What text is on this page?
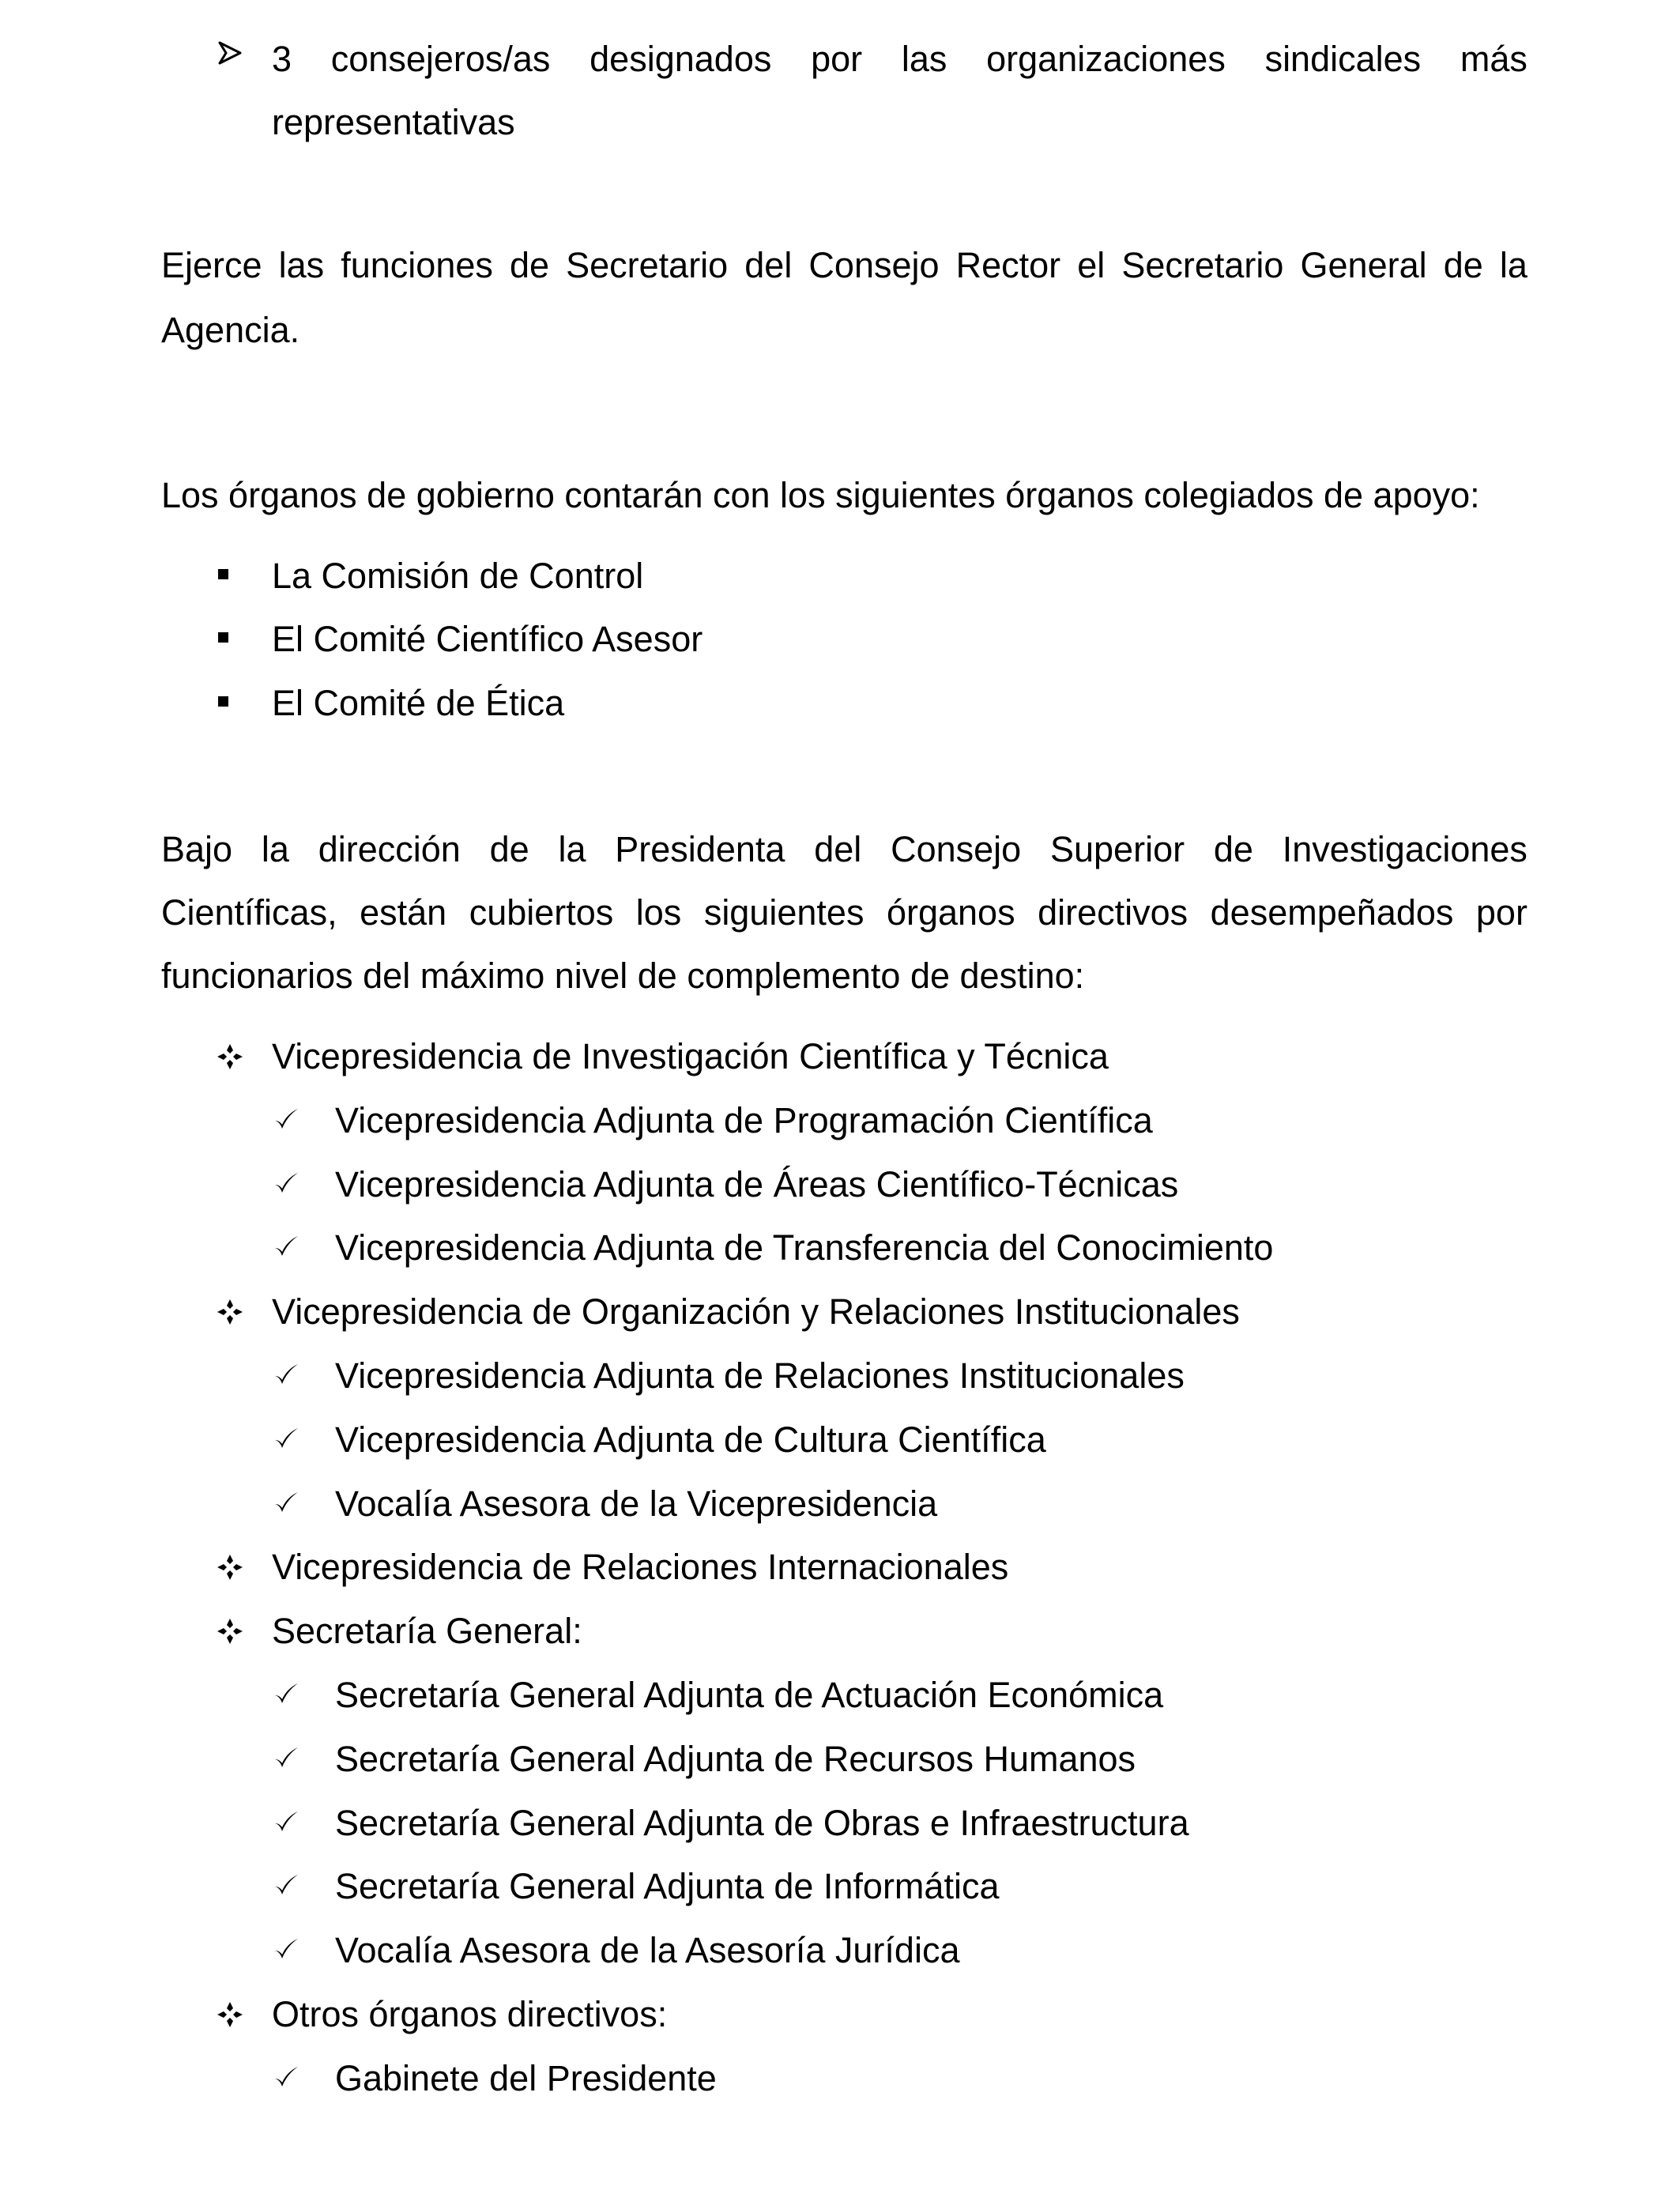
3 consejeros/as designados por las organizaciones sindicales más
representativas
Ejerce las funciones de Secretario del Consejo Rector el Secretario General de la
Agencia.
Los órganos de gobierno contarán con los siguientes órganos colegiados de apoyo:
La Comisión de Control
El Comité Científico Asesor
El Comité de Ética
Bajo la dirección de la Presidenta del Consejo Superior de Investigaciones
Científicas, están cubiertos los siguientes órganos directivos desempeñados por
funcionarios del máximo nivel de complemento de destino:
Vicepresidencia de Investigación Científica y Técnica
Vicepresidencia Adjunta de Programación Científica
Vicepresidencia Adjunta de Áreas Científico-Técnicas
Vicepresidencia Adjunta de Transferencia del Conocimiento
Vicepresidencia de Organización y Relaciones Institucionales
Vicepresidencia Adjunta de Relaciones Institucionales
Vicepresidencia Adjunta de Cultura Científica
Vocalía Asesora de la Vicepresidencia
Vicepresidencia de Relaciones Internacionales
Secretaría General:
Secretaría General Adjunta de Actuación Económica
Secretaría General Adjunta de Recursos Humanos
Secretaría General Adjunta de Obras e Infraestructura
Secretaría General Adjunta de Informática
Vocalía Asesora de la Asesoría Jurídica
Otros órganos directivos:
Gabinete del Presidente
